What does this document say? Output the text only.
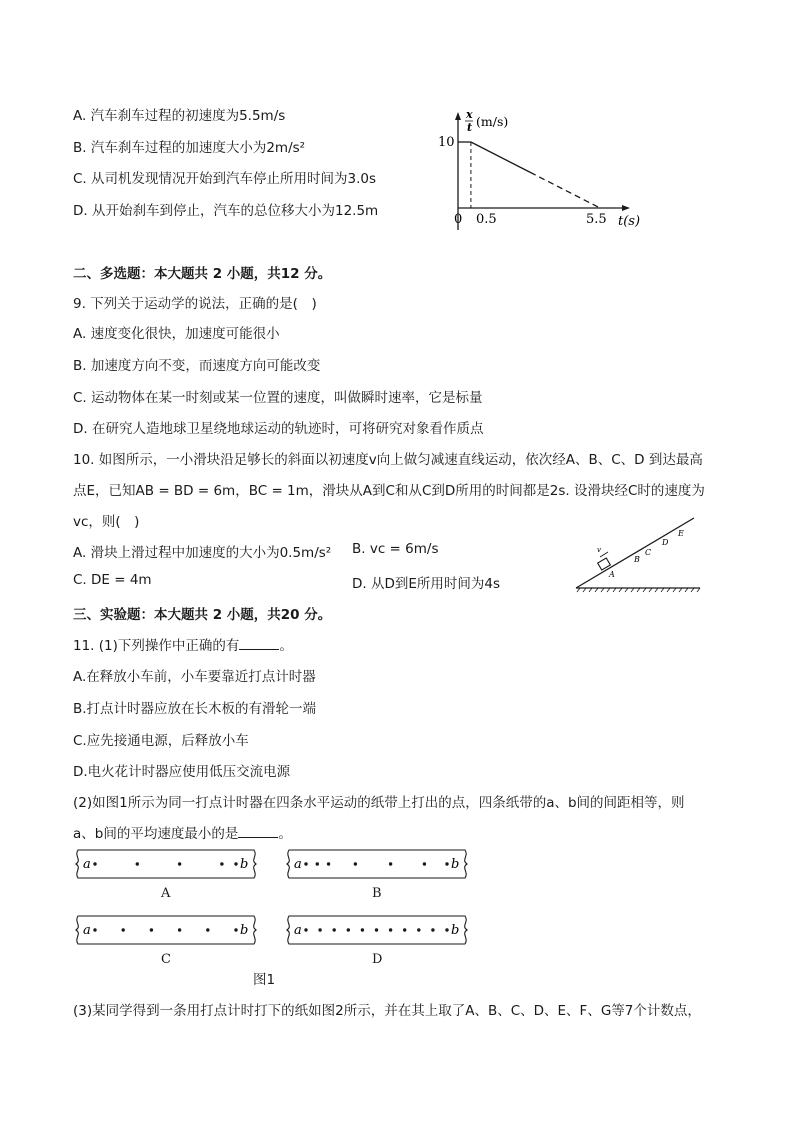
A. 汽车刹车过程的初速度为5.5m/s
B. 汽车刹车过程的加速度大小为2m/s²
C. 从司机发现情况开始到汽车停止所用时间为3.0s
D. 从开始刹车到停止，汽车的总位移大小为12.5m
x
t (m/s)
10
0 0.5	5.5 t(s)
二、多选题：本大题共 2 小题，共12 分。
9. 下列关于运动学的说法，正确的是(　)
A. 速度变化很快，加速度可能很小
B. 加速度方向不变，而速度方向可能改变
C. 运动物体在某一时刻或某一位置的速度，叫做瞬时速率，它是标量
D. 在研究人造地球卫星绕地球运动的轨迹时，可将研究对象看作质点
10. 如图所示，一小滑块沿足够长的斜面以初速度v向上做匀减速直线运动，依次经A、B、C、D 到达最高
点E，已知AB = BD = 6m，BC = 1m，滑块从A到C和从C到D所用的时间都是2s. 设滑块经C时的速度为
vc，则(　)
A. 滑块上滑过程中加速度的大小为0.5m/s² B. vc = 6m/s
C. DE = 4m	D. 从D到E所用时间为4s
v
A
B
C
D
E
三、实验题：本大题共 2 小题，共20 分。
11. (1)下列操作中正确的有	。
A.在释放小车前，小车要靠近打点计时器
B.打点计时器应放在长木板的有滑轮一端
C.应先接通电源，后释放小车
D.电火花计时器应使用低压交流电源
(2)如图1所示为同一打点计时器在四条水平运动的纸带上打出的点，四条纸带的a、b间的间距相等，则
a、b间的平均速度最小的是	。
a	b
A
a	b
B
a	b
C
a	b
D
图1
(3)某同学得到一条用打点计时打下的纸如图2所示，并在其上取了A、B、C、D、E、F、G等7个计数点，
